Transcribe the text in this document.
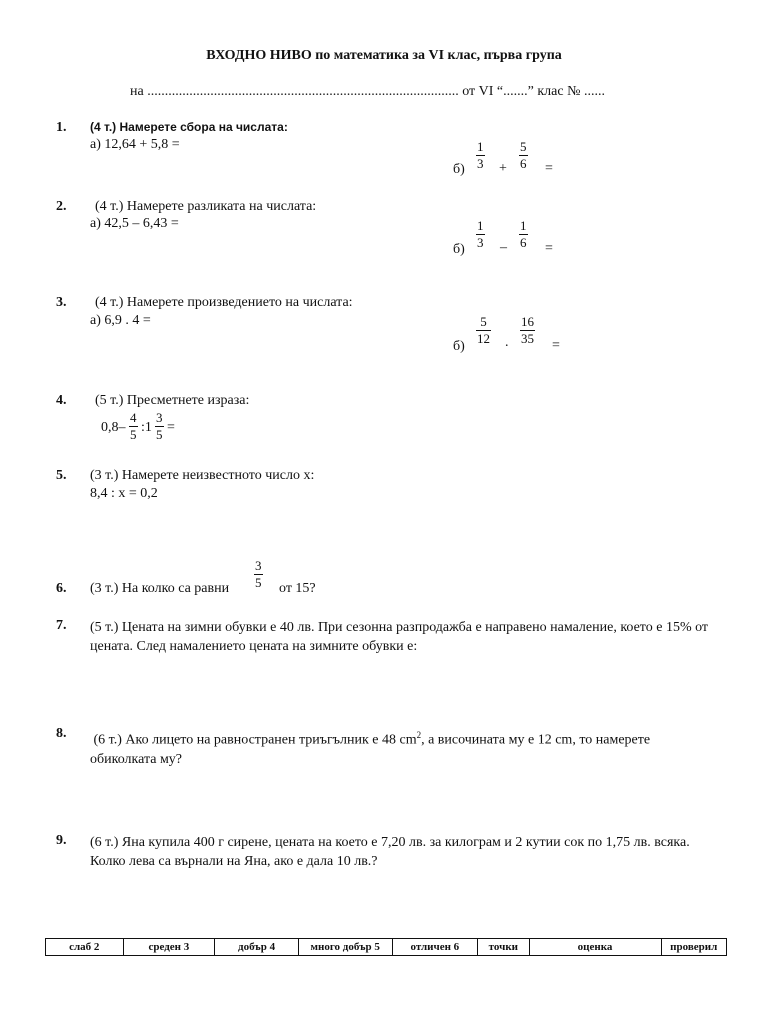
ВХОДНО НИВО по математика за VI клас, първа група
на ......................................................................................... от VI “.......” клас № ......
1. (4 т.) Намерете сбора на числата:
а) 12,64 + 5,8 =
$б) \frac{1}{3} + \frac{5}{6}$ =
2. (4 т.) Намерете разликата на числата:
а) 42,5 – 6,43 =
$б) \frac{1}{3} - \frac{1}{6}$ =
3. (4 т.) Намерете произведението на числата:
а) 6,9 . 4 =
$б) \frac{5}{12}$ . $\frac{16}{35}$ =
4. (5 т.) Пресметнете израза:
$0,8- \frac{4}{5}$ :1 $\frac{3}{5}$ =
5. (3 т.) Намерете неизвестното число x:
8,4 : x = 0,2
6. (3 т.) На колко са равни $\frac{3}{5}$ от 15?
7. (5 т.) Цената на зимни обувки е 40 лв. При сезонна разпродажба е направено намаление, което е 15% от цената. След намалението цената на зимните обувки е:
8. (6 т.) Ако лицето на равностранен триъгълник е 48 $cm^2$, а височината му е 12 cm, то намерете обиколката му?
9. (6 т.) Яна купила 400 г сирене, цената на което е 7,20 лв. за килограм и 2 кутии сок по 1,75 лв. всяка. Колко лева са върнали на Яна, ако е дала 10 лв.?
слаб 2	среден 3	добър 4	много добър 5	отличен 6	точки	оценка	проверил
